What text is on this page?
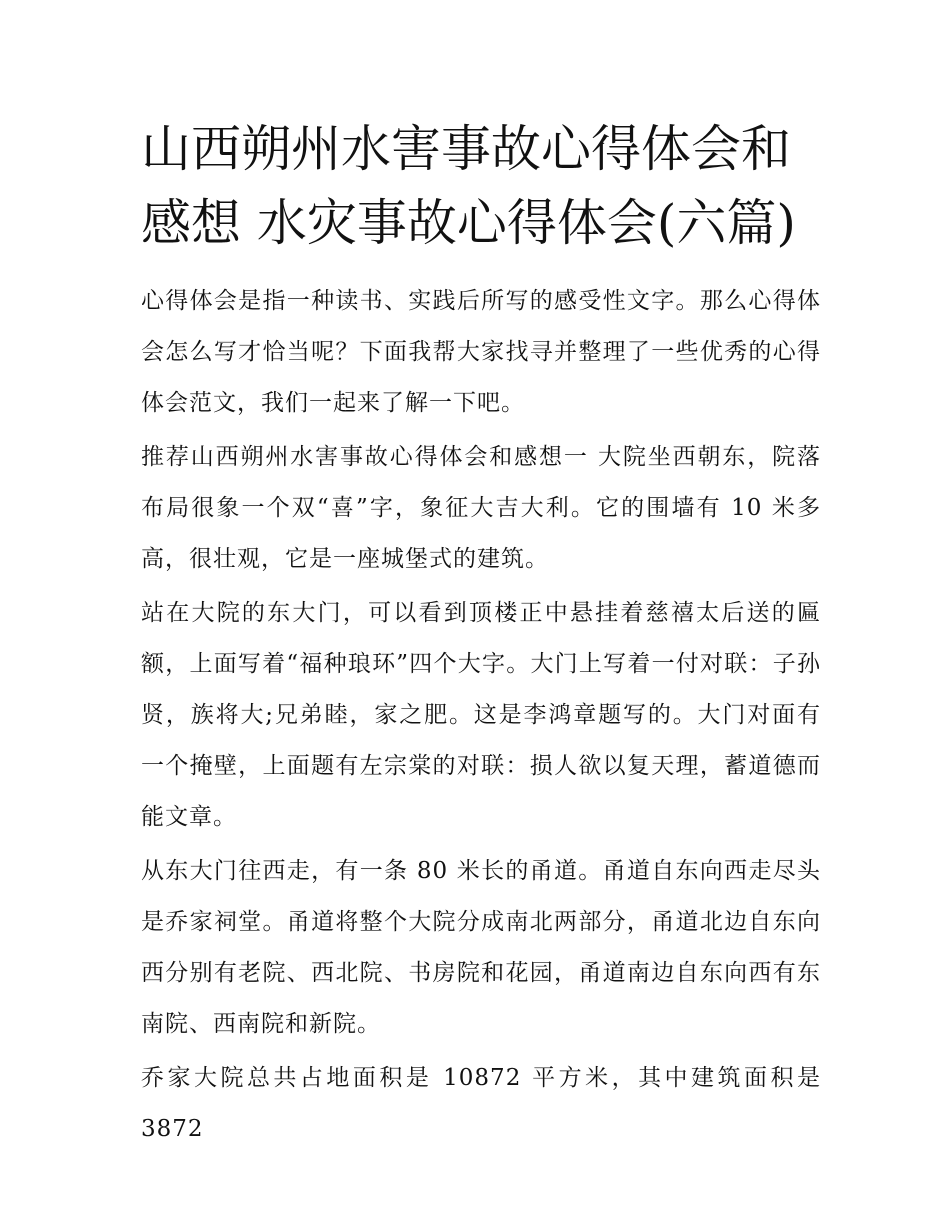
山西朔州水害事故心得体会和
感想 水灾事故心得体会(六篇)

心得体会是指一种读书、实践后所写的感受性文字。那么心得体会怎么写才恰当呢？下面我帮大家找寻并整理了一些优秀的心得体会范文，我们一起来了解一下吧。

推荐山西朔州水害事故心得体会和感想一 大院坐西朝东，院落布局很象一个双“喜”字，象征大吉大利。它的围墙有 10 米多高，很壮观，它是一座城堡式的建筑。

站在大院的东大门，可以看到顶楼正中悬挂着慈禧太后送的匾额，上面写着“福种琅环”四个大字。大门上写着一付对联：子孙贤，族将大;兄弟睦，家之肥。这是李鸿章题写的。大门对面有一个掩壁，上面题有左宗棠的对联：损人欲以复天理，蓄道德而能文章。

从东大门往西走，有一条 80 米长的甬道。甬道自东向西走尽头是乔家祠堂。甬道将整个大院分成南北两部分，甬道北边自东向西分别有老院、西北院、书房院和花园，甬道南边自东向西有东南院、西南院和新院。

乔家大院总共占地面积是 10872 平方米，其中建筑面积是 3872
